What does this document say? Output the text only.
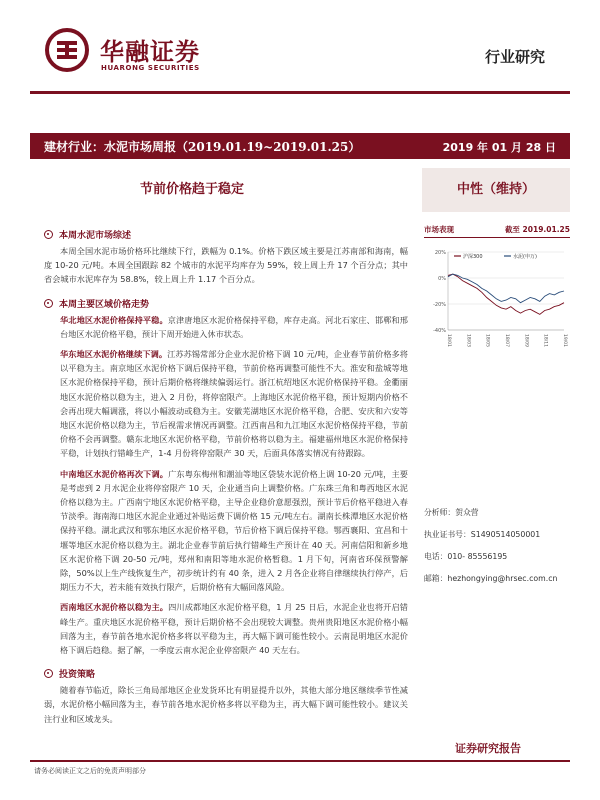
华融证券
HUARONG SECURITIES
行业研究
建材行业：水泥市场周报（2019.01.19~2019.01.25）	2019 年 01 月 28 日
节前价格趋于稳定	中性（维持）
本周水泥市场综述

本周全国水泥市场价格环比继续下行，跌幅为 0.1%。价格下跌区域主要是江苏南部和海南，幅度 10-20 元/吨。本周全国跟踪 82 个城市的水泥平均库存为 59%，较上周上升 17 个百分点；其中省会城市水泥库存为 58.8%，较上周上升 1.17 个百分点。

本周主要区域价格走势

华北地区水泥价格保持平稳。京津唐地区水泥价格保持平稳，库存走高。河北石家庄、邯郸和邢台地区水泥价格平稳，预计下周开始进入休市状态。

华东地区水泥价格继续下调。江苏苏锡常部分企业水泥价格下调 10 元/吨，企业春节前价格多将以平稳为主。南京地区水泥价格下调后保持平稳，节前价格再调整可能性不大。淮安和盐城等地区水泥价格保持平稳，预计后期价格将继续偏弱运行。浙江杭绍地区水泥价格保持平稳。金衢丽地区水泥价格以稳为主，进入 2 月份，将停窑限产。上海地区水泥价格平稳，预计短期内价格不会再出现大幅调涨，将以小幅波动或稳为主。安徽芜湖地区水泥价格平稳，合肥、安庆和六安等地区水泥价格以稳为主，节后视需求情况再调整。江西南昌和九江地区水泥价格保持平稳，节前价格不会再调整。赣东北地区水泥价格平稳，节前价格将以稳为主。福建福州地区水泥价格保持平稳，计划执行错峰生产，1-4 月份将停窑限产 30 天，后面具体落实情况有待跟踪。

中南地区水泥价格再次下调。广东粤东梅州和潮汕等地区袋装水泥价格上调 10-20 元/吨，主要是考虑到 2 月水泥企业将停窑限产 10 天，企业通当向上调整价格。广东珠三角和粤西地区水泥价格以稳为主。广西南宁地区水泥价格平稳，主导企业稳价意愿强烈，预计节后价格平稳进入春节淡季。海南海口地区水泥企业通过补贴运费下调价格 15 元/吨左右。湖南长株潭地区水泥价格保持平稳。湖北武汉和鄂东地区水泥价格平稳，节后价格下调后保持平稳。鄂西襄阳、宜昌和十堰等地区水泥价格以稳为主。湖北企业春节前后执行错峰生产预计在 40 天。河南信阳和新乡地区水泥价格下调 20-50 元/吨，郑州和南阳等地水泥价格暂稳。1 月下旬，河南省环保预警解除，50%以上生产线恢复生产，初步统计约有 40 条，进入 2 月各企业将自律继续执行停产，后期压力不大，若未能有效执行限产，后期价格有大幅回落风险。

西南地区水泥价格以稳为主。四川成都地区水泥价格平稳，1 月 25 日后，水泥企业也将开启错峰生产。重庆地区水泥价格平稳，预计后期价格不会出现较大调整。贵州贵阳地区水泥价格小幅回落为主，春节前各地水泥价格多将以平稳为主，再大幅下调可能性较小。云南昆明地区水泥价格下调后趋稳。据了解，一季度云南水泥企业停窑限产 40 天左右。

投资策略

随着春节临近，除长三角局部地区企业发货环比有明显提升以外，其他大部分地区继续季节性减弱，水泥价格小幅回落为主，春节前各地水泥价格多将以平稳为主，再大幅下调可能性较小。建议关注行业和区域龙头。

市场表现	截至 2019.01.25
20%
0%
-20%
-40%
18/01	18/03	18/05	18/07	18/09	18/11	19/01
沪深300	水泥(申万)
分析师： 贺众营
执业证书号： S1490514050001
电话： 010- 85556195
邮箱： hezhongying@hrsec.com.cn
证券研究报告
请务必阅读正文之后的免责声明部分
